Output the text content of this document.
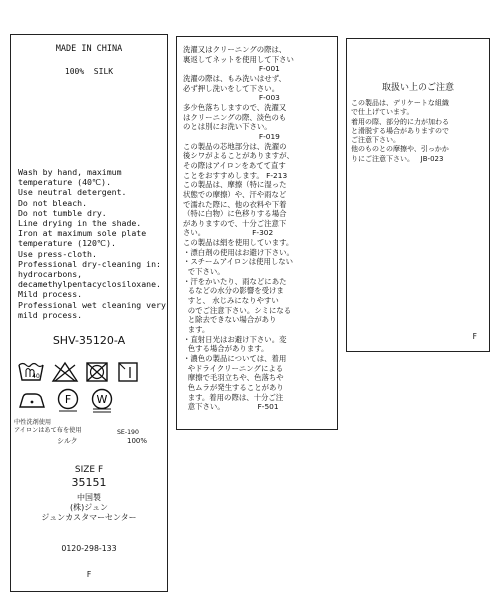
MADE IN CHINA
100%  SILK
Wash by hand, maximum
temperature (40℃).
Use neutral detergent.
Do not bleach.
Do not tumble dry.
Line drying in the shade.
Iron at maximum sole plate
temperature (120℃).
Use press-cloth.
Professional dry-cleaning in:
hydrocarbons,
decamethylpentacyclosiloxane.
Mild process.
Professional wet cleaning very
mild process.
SHV-35120-A
40
F W
中性洗剤使用
アイロンはあて布を使用	SE-190
シルク	100%
SIZE F
35151
中国製
(株)ジュン
ジュンカスタマーセンター
0120-298-133
F
洗濯又はクリーニングの際は、
裏返してネットを使用して下さい
F-001
洗濯の際は、もみ洗いはせず、
必ず押し洗いをして下さい。
F-003
多少色落ちしますので、洗濯又
はクリーニングの際、淡色のも
のとは別にお洗い下さい。
F-019
この製品の芯地部分は、洗濯の
後シワがよることがありますが、
その際はアイロンをあてて直す
ことをおすすめします。 F-213
この製品は、摩擦（特に湿った
状態での摩擦）や、汗や雨など
で濡れた際に、他の衣料や下着
（特に白物）に色移りする場合
がありますので、十分ご注意下
さい。                    F-302
この製品は絹を使用しています。
・漂白剤の使用はお避け下さい。
・スチームアイロンは使用しない
で下さい。
・汗をかいたり、雨などにあた
るなどの水分の影響を受けま
すと、 水じみになりやすい
のでご注意下さい。シミになる
と除去できない場合があり
ます。
・直射日光はお避け下さい。変
色する場合があります。
・濃色の製品については、着用
やドライクリーニングによる
摩擦で毛羽立ちや、色落ちや
色ムラが発生することがあり
ます。着用の際は、十分ご注
意下さい。              F-501
取扱い上のご注意
この製品は、デリケートな組織
で仕上げています。
着用の際、部分的に力が加わる
と滑脱する場合がありますので
ご注意下さい。
他のものとの摩擦や、引っかか
りにご注意下さい。   JB-023
F
